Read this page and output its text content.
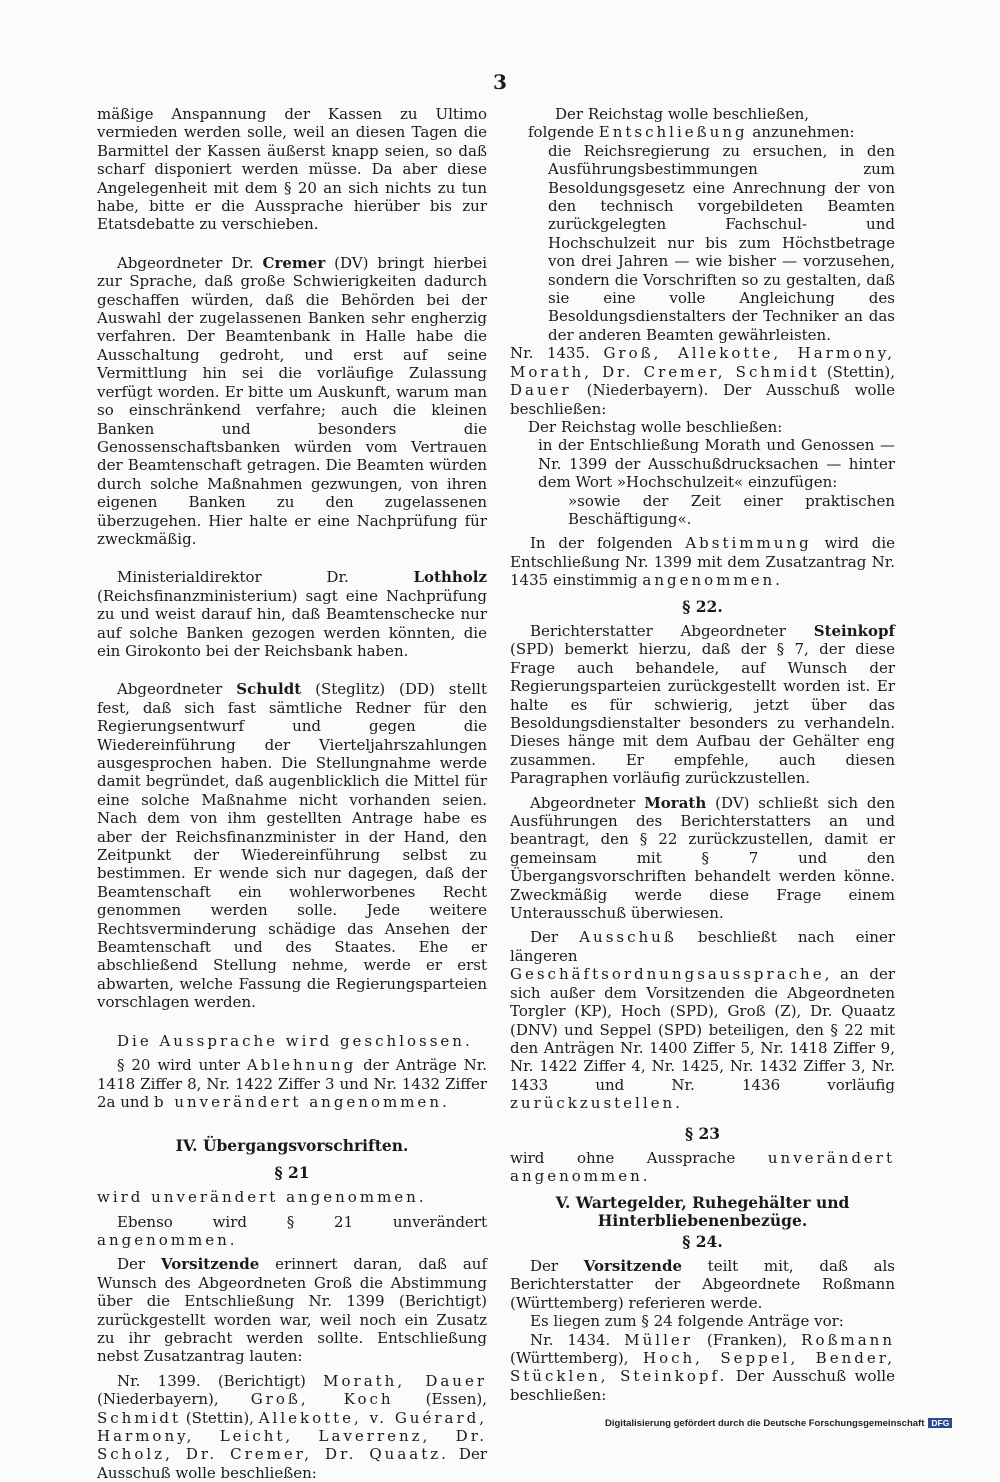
3

mäßige Anspannung der Kassen zu Ultimo vermieden werden solle, weil an diesen Tagen die Barmittel der Kassen äußerst knapp seien, so daß scharf disponiert werden müsse. Da aber diese Angelegenheit mit dem § 20 an sich nichts zu tun habe, bitte er die Aussprache hierüber bis zur Etatsdebatte zu verschieben.

Abgeordneter Dr. Cremer (DV) bringt hierbei zur Sprache, daß große Schwierigkeiten dadurch geschaffen würden, daß die Behörden bei der Auswahl der zugelassenen Banken sehr engherzig verfahren. Der Beamtenbank in Halle habe die Ausschaltung gedroht, und erst auf seine Vermittlung hin sei die vorläufige Zulassung verfügt worden. Er bitte um Auskunft, warum man so einschränkend verfahre; auch die kleinen Banken und besonders die Genossenschaftsbanken würden vom Vertrauen der Beamtenschaft getragen. Die Beamten würden durch solche Maßnahmen gezwungen, von ihren eigenen Banken zu den zugelassenen überzugehen. Hier halte er eine Nachprüfung für zweckmäßig.

Ministerialdirektor Dr. Lothholz (Reichsfinanzministerium) sagt eine Nachprüfung zu und weist darauf hin, daß Beamtenschecke nur auf solche Banken gezogen werden könnten, die ein Girokonto bei der Reichsbank haben.

Abgeordneter Schuldt (Steglitz) (DD) stellt fest, daß sich fast sämtliche Redner für den Regierungsentwurf und gegen die Wiedereinführung der Vierteljahrszahlungen ausgesprochen haben. Die Stellungnahme werde damit begründet, daß augenblicklich die Mittel für eine solche Maßnahme nicht vorhanden seien. Nach dem von ihm gestellten Antrage habe es aber der Reichsfinanzminister in der Hand, den Zeitpunkt der Wiedereinführung selbst zu bestimmen. Er wende sich nur dagegen, daß der Beamtenschaft ein wohlerworbenes Recht genommen werden solle. Jede weitere Rechtsverminderung schädige das Ansehen der Beamtenschaft und des Staates. Ehe er abschließend Stellung nehme, werde er erst abwarten, welche Fassung die Regierungsparteien vorschlagen werden.

Die Aussprache wird geschlossen.

§ 20 wird unter Ablehnung der Anträge Nr. 1418 Ziffer 8, Nr. 1422 Ziffer 3 und Nr. 1432 Ziffer 2a und b unverändert angenommen.

IV. Übergangsvorschriften.
§ 21

wird unverändert angenommen.

Ebenso wird § 21 unverändert angenommen.

Der Vorsitzende erinnert daran, daß auf Wunsch des Abgeordneten Groß die Abstimmung über die Entschließung Nr. 1399 (Berichtigt) zurückgestellt worden war, weil noch ein Zusatz zu ihr gebracht werden sollte. Entschließung nebst Zusatzantrag lauten:

Nr. 1399. (Berichtigt) Morath, Dauer (Niederbayern), Groß, Koch (Essen), Schmidt (Stettin), Allekotte, v. Guérard, Harmony, Leicht, Laverrenz, Dr. Scholz, Dr. Cremer, Dr. Quaatz. Der Ausschuß wolle beschließen:

Der Reichstag wolle beschließen,

folgende Entschließung anzunehmen:

die Reichsregierung zu ersuchen, in den Ausführungsbestimmungen zum Besoldungsgesetz eine Anrechnung der von den technisch vorgebildeten Beamten zurückgelegten Fachschul- und Hochschulzeit nur bis zum Höchstbetrage von drei Jahren — wie bisher — vorzusehen, sondern die Vorschriften so zu gestalten, daß sie eine volle Angleichung des Besoldungsdienstalters der Techniker an das der anderen Beamten gewährleisten.

Nr. 1435. Groß, Allekotte, Harmony, Morath, Dr. Cremer, Schmidt (Stettin), Dauer (Niederbayern). Der Ausschuß wolle beschließen:

Der Reichstag wolle beschließen:

in der Entschließung Morath und Genossen — Nr. 1399 der Ausschußdrucksachen — hinter dem Wort »Hochschulzeit« einzufügen:

»sowie der Zeit einer praktischen Beschäftigung«.

In der folgenden Abstimmung wird die Entschließung Nr. 1399 mit dem Zusatzantrag Nr. 1435 einstimmig angenommen.

§ 22.

Berichterstatter Abgeordneter Steinkopf (SPD) bemerkt hierzu, daß der § 7, der diese Frage auch behandele, auf Wunsch der Regierungsparteien zurückgestellt worden ist. Er halte es für schwierig, jetzt über das Besoldungsdienstalter besonders zu verhandeln. Dieses hänge mit dem Aufbau der Gehälter eng zusammen. Er empfehle, auch diesen Paragraphen vorläufig zurückzustellen.

Abgeordneter Morath (DV) schließt sich den Ausführungen des Berichterstatters an und beantragt, den § 22 zurückzustellen, damit er gemeinsam mit § 7 und den Übergangsvorschriften behandelt werden könne. Zweckmäßig werde diese Frage einem Unterausschuß überwiesen.

Der Ausschuß beschließt nach einer längeren Geschäftsordnungsaussprache, an der sich außer dem Vorsitzenden die Abgeordneten Torgler (KP), Hoch (SPD), Groß (Z), Dr. Quaatz (DNV) und Seppel (SPD) beteiligen, den § 22 mit den Anträgen Nr. 1400 Ziffer 5, Nr. 1418 Ziffer 9, Nr. 1422 Ziffer 4, Nr. 1425, Nr. 1432 Ziffer 3, Nr. 1433 und Nr. 1436 vorläufig zurückzustellen.

§ 23

wird ohne Aussprache unverändert angenommen.

V. Wartegelder, Ruhegehälter und Hinterbliebenenbezüge.
§ 24.

Der Vorsitzende teilt mit, daß als Berichterstatter der Abgeordnete Roßmann (Württemberg) referieren werde.

Es liegen zum § 24 folgende Anträge vor:

Nr. 1434. Müller (Franken), Roßmann (Württemberg), Hoch, Seppel, Bender, Stücklen, Steinkopf. Der Ausschuß wolle beschließen:

Digitalisierung gefördert durch die Deutsche Forschungsgemeinschaft DFG
